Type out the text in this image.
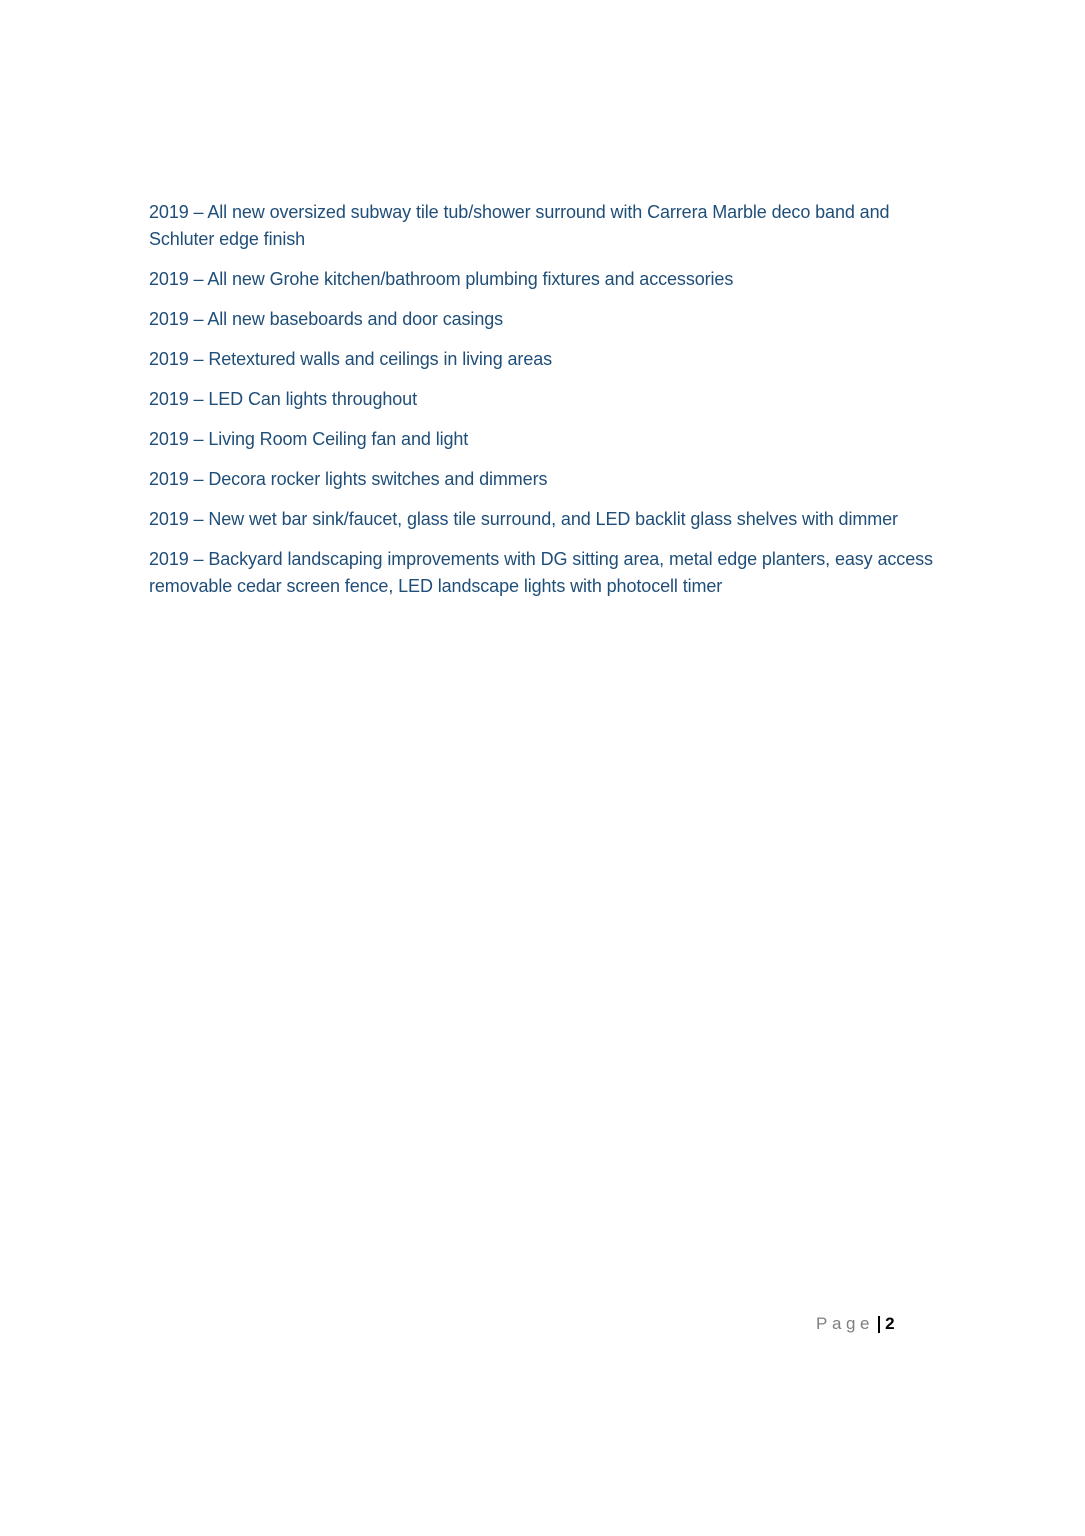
2019 – All new oversized subway tile tub/shower surround with Carrera Marble deco band and Schluter edge finish
2019 – All new Grohe kitchen/bathroom plumbing fixtures and accessories
2019 – All new baseboards and door casings
2019 – Retextured walls and ceilings in living areas
2019 – LED Can lights throughout
2019 – Living Room Ceiling fan and light
2019 – Decora rocker lights switches and dimmers
2019 – New wet bar sink/faucet, glass tile surround, and LED backlit glass shelves with dimmer
2019 – Backyard landscaping improvements with DG sitting area, metal edge planters, easy access removable cedar screen fence, LED landscape lights with photocell timer
Page 2
